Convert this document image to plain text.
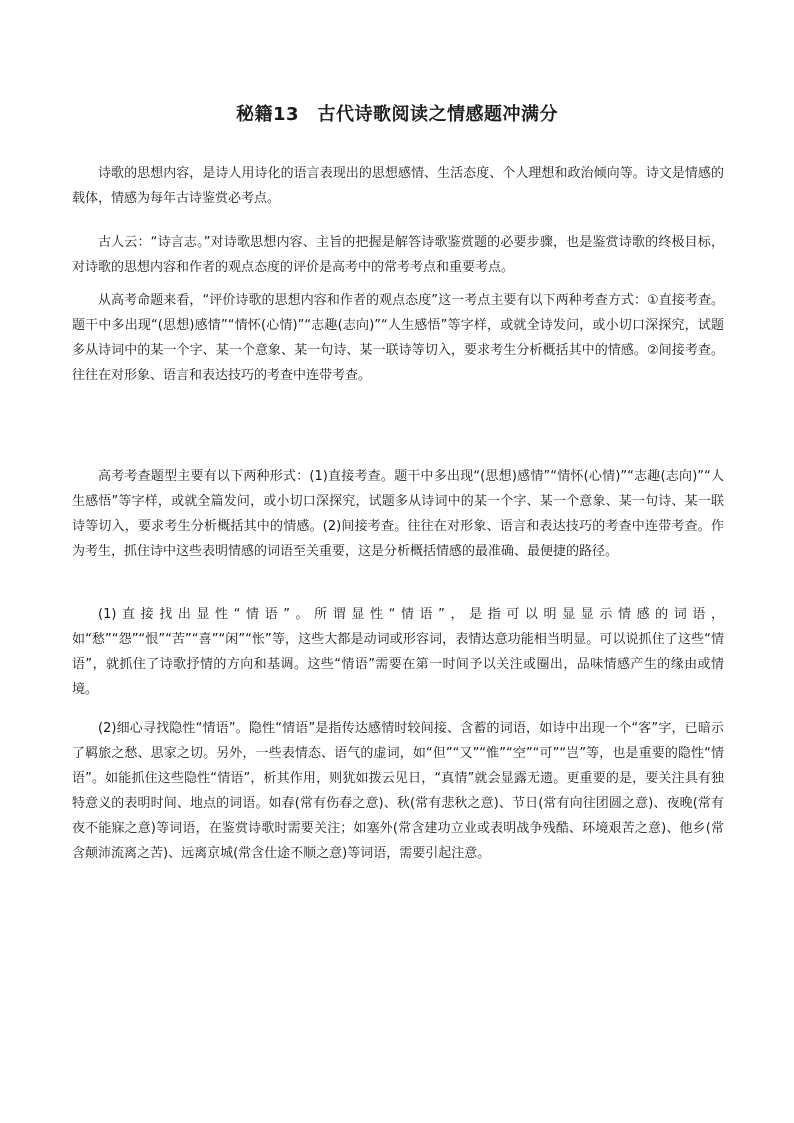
秘籍13　古代诗歌阅读之情感题冲满分

诗歌的思想内容，是诗人用诗化的语言表现出的思想感情、生活态度、个人理想和政治倾向等。诗文是情感的载体，情感为每年古诗鉴赏必考点。

古人云：“诗言志。”对诗歌思想内容、主旨的把握是解答诗歌鉴赏题的必要步骤，也是鉴赏诗歌的终极目标，对诗歌的思想内容和作者的观点态度的评价是高考中的常考考点和重要考点。

从高考命题来看，“评价诗歌的思想内容和作者的观点态度”这一考点主要有以下两种考查方式：①直接考查。题干中多出现“(思想)感情”“情怀(心情)”“志趣(志向)”“人生感悟”等字样，或就全诗发问，或小切口深探究，试题多从诗词中的某一个字、某一个意象、某一句诗、某一联诗等切入，要求考生分析概括其中的情感。②间接考查。往往在对形象、语言和表达技巧的考查中连带考查。

高考考查题型主要有以下两种形式：(1)直接考查。题干中多出现“(思想)感情”“情怀(心情)”“志趣(志向)”“人生感悟”等字样，或就全篇发问，或小切口深探究，试题多从诗词中的某一个字、某一个意象、某一句诗、某一联诗等切入，要求考生分析概括其中的情感。(2)间接考查。往往在对形象、语言和表达技巧的考查中连带考查。作为考生，抓住诗中这些表明情感的词语至关重要，这是分析概括情感的最准确、最便捷的路径。

(1)直接找出显性“情语”。所谓显性“情语”，是指可以明显显示情感的词语，如“愁”“怨”“恨”“苦”“喜”“闲”“怅”等，这些大都是动词或形容词，表情达意功能相当明显。可以说抓住了这些“情语”，就抓住了诗歌抒情的方向和基调。这些“情语”需要在第一时间予以关注或圈出，品味情感产生的缘由或情境。

(2)细心寻找隐性“情语”。隐性“情语”是指传达感情时较间接、含蓄的词语，如诗中出现一个“客”字，已暗示了羁旅之愁、思家之切。另外，一些表情态、语气的虚词，如“但”“又”“惟”“空”“可”“岂”等，也是重要的隐性“情语”。如能抓住这些隐性“情语”，析其作用，则犹如拨云见日，“真情”就会显露无遗。更重要的是，要关注具有独特意义的表明时间、地点的词语。如春(常有伤春之意)、秋(常有悲秋之意)、节日(常有向往团圆之意)、夜晚(常有夜不能寐之意)等词语，在鉴赏诗歌时需要关注；如塞外(常含建功立业或表明战争残酷、环境艰苦之意)、他乡(常含颠沛流离之苦)、远离京城(常含仕途不顺之意)等词语，需要引起注意。
